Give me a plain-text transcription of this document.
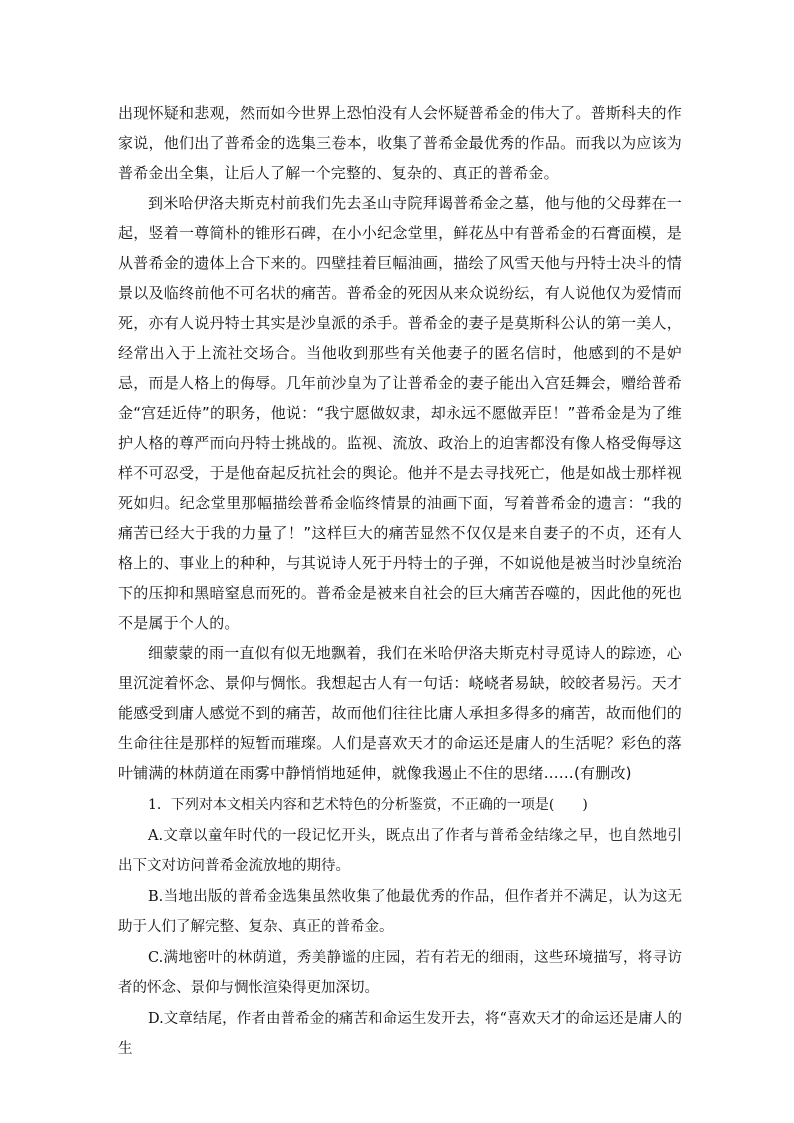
出现怀疑和悲观，然而如今世界上恐怕没有人会怀疑普希金的伟大了。普斯科夫的作家说，他们出了普希金的选集三卷本，收集了普希金最优秀的作品。而我以为应该为普希金出全集，让后人了解一个完整的、复杂的、真正的普希金。

到米哈伊洛夫斯克村前我们先去圣山寺院拜谒普希金之墓，他与他的父母葬在一起，竖着一尊简朴的锥形石碑，在小小纪念堂里，鲜花丛中有普希金的石膏面模，是从普希金的遗体上合下来的。四壁挂着巨幅油画，描绘了风雪天他与丹特士决斗的情景以及临终前他不可名状的痛苦。普希金的死因从来众说纷纭，有人说他仅为爱情而死，亦有人说丹特士其实是沙皇派的杀手。普希金的妻子是莫斯科公认的第一美人，经常出入于上流社交场合。当他收到那些有关他妻子的匿名信时，他感到的不是妒忌，而是人格上的侮辱。几年前沙皇为了让普希金的妻子能出入宫廷舞会，赠给普希金“宫廷近侍”的职务，他说：“我宁愿做奴隶，却永远不愿做弄臣！”普希金是为了维护人格的尊严而向丹特士挑战的。监视、流放、政治上的迫害都没有像人格受侮辱这样不可忍受，于是他奋起反抗社会的舆论。他并不是去寻找死亡，他是如战士那样视死如归。纪念堂里那幅描绘普希金临终情景的油画下面，写着普希金的遗言：“我的痛苦已经大于我的力量了！”这样巨大的痛苦显然不仅仅是来自妻子的不贞，还有人格上的、事业上的种种，与其说诗人死于丹特士的子弹，不如说他是被当时沙皇统治下的压抑和黑暗窒息而死的。普希金是被来自社会的巨大痛苦吞噬的，因此他的死也不是属于个人的。

细蒙蒙的雨一直似有似无地飘着，我们在米哈伊洛夫斯克村寻觅诗人的踪迹，心里沉淀着怀念、景仰与惆怅。我想起古人有一句话：峣峣者易缺，皎皎者易污。天才能感受到庸人感觉不到的痛苦，故而他们往往比庸人承担多得多的痛苦，故而他们的生命往往是那样的短暂而璀璨。人们是喜欢天才的命运还是庸人的生活呢？彩色的落叶铺满的林荫道在雨雾中静悄悄地延伸，就像我遏止不住的思绪……(有删改)

1．下列对本文相关内容和艺术特色的分析鉴赏，不正确的一项是(　　)

A.文章以童年时代的一段记忆开头，既点出了作者与普希金结缘之早，也自然地引出下文对访问普希金流放地的期待。

B.当地出版的普希金选集虽然收集了他最优秀的作品，但作者并不满足，认为这无助于人们了解完整、复杂、真正的普希金。

C.满地密叶的林荫道，秀美静谧的庄园，若有若无的细雨，这些环境描写，将寻访者的怀念、景仰与惆怅渲染得更加深切。

D.文章结尾，作者由普希金的痛苦和命运生发开去，将“喜欢天才的命运还是庸人的生
